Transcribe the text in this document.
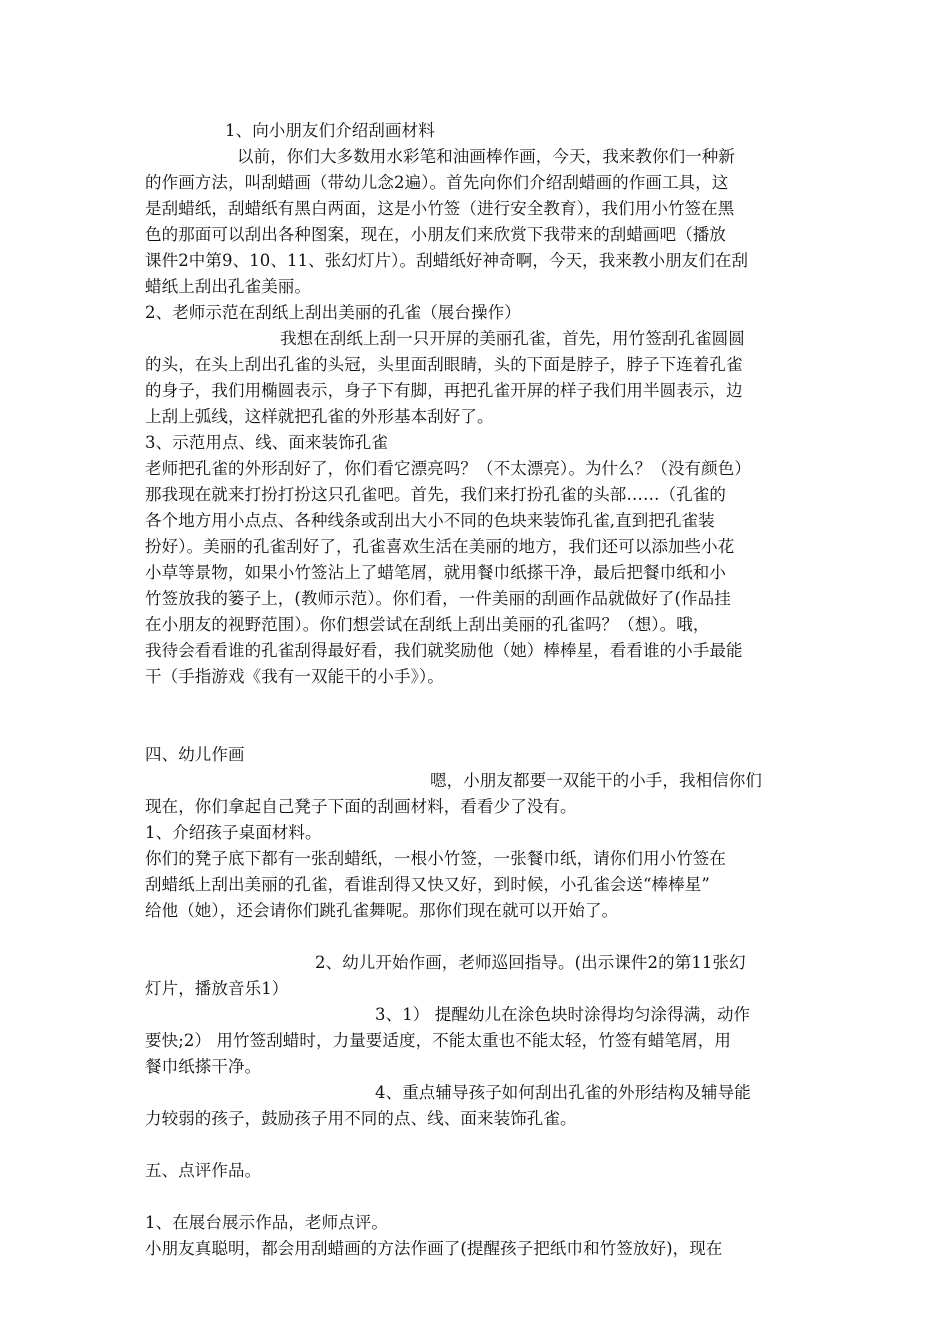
1、向小朋友们介绍刮画材料
以前，你们大多数用水彩笔和油画棒作画，今天，我来教你们一种新
的作画方法，叫刮蜡画（带幼儿念2遍）。首先向你们介绍刮蜡画的作画工具，这
是刮蜡纸，刮蜡纸有黑白两面，这是小竹签（进行安全教育），我们用小竹签在黑
色的那面可以刮出各种图案，现在，小朋友们来欣赏下我带来的刮蜡画吧（播放
课件2中第9、10、11、张幻灯片）。刮蜡纸好神奇啊，今天，我来教小朋友们在刮
蜡纸上刮出孔雀美丽。
2、老师示范在刮纸上刮出美丽的孔雀（展台操作）
我想在刮纸上刮一只开屏的美丽孔雀，首先，用竹签刮孔雀圆圆
的头，在头上刮出孔雀的头冠，头里面刮眼睛，头的下面是脖子，脖子下连着孔雀
的身子，我们用椭圆表示，身子下有脚，再把孔雀开屏的样子我们用半圆表示，边
上刮上弧线，这样就把孔雀的外形基本刮好了。
3、示范用点、线、面来装饰孔雀
老师把孔雀的外形刮好了，你们看它漂亮吗？（不太漂亮）。为什么？（没有颜色）
那我现在就来打扮打扮这只孔雀吧。首先，我们来打扮孔雀的头部……（孔雀的
各个地方用小点点、各种线条或刮出大小不同的色块来装饰孔雀,直到把孔雀装
扮好）。美丽的孔雀刮好了，孔雀喜欢生活在美丽的地方，我们还可以添加些小花
小草等景物，如果小竹签沾上了蜡笔屑，就用餐巾纸搽干净，最后把餐巾纸和小
竹签放我的篓子上，(教师示范）。你们看，一件美丽的刮画作品就做好了(作品挂
在小朋友的视野范围）。你们想尝试在刮纸上刮出美丽的孔雀吗？（想）。哦，
我待会看看谁的孔雀刮得最好看，我们就奖励他（她）棒棒星，看看谁的小手最能
干（手指游戏《我有一双能干的小手》）。
四、幼儿作画
嗯，小朋友都要一双能干的小手，我相信你们
现在，你们拿起自己凳子下面的刮画材料，看看少了没有。
1、介绍孩子桌面材料。
你们的凳子底下都有一张刮蜡纸，一根小竹签，一张餐巾纸，请你们用小竹签在
刮蜡纸上刮出美丽的孔雀，看谁刮得又快又好，到时候，小孔雀会送“棒棒星”
给他（她），还会请你们跳孔雀舞呢。那你们现在就可以开始了。
2、幼儿开始作画，老师巡回指导。(出示课件2的第11张幻
灯片，播放音乐1）
3、1） 提醒幼儿在涂色块时涂得均匀涂得满，动作
要快;2） 用竹签刮蜡时，力量要适度，不能太重也不能太轻，竹签有蜡笔屑，用
餐巾纸搽干净。
4、重点辅导孩子如何刮出孔雀的外形结构及辅导能
力较弱的孩子，鼓励孩子用不同的点、线、面来装饰孔雀。
五、点评作品。
1、在展台展示作品，老师点评。
小朋友真聪明，都会用刮蜡画的方法作画了(提醒孩子把纸巾和竹签放好)，现在
